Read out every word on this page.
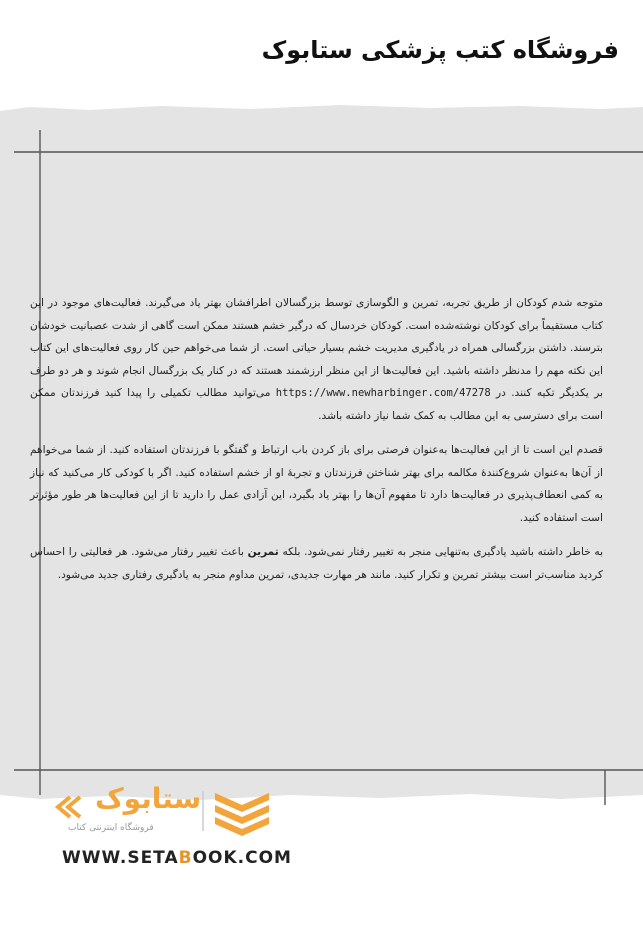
فروشگاه کتب پزشکی ستابوک

متوجه شدم کودکان از طریق تجربه، تمرین و الگوسازی توسط بزرگسالان اطرافشان بهتر یاد می‌گیرند. فعالیت‌های موجود در این کتاب مستقیماً برای کودکان نوشته‌شده است. کودکان خردسال که درگیر خشم هستند ممکن است گاهی از شدت عصبانیت خودشان بترسند. داشتن بزرگسالی همراه در یادگیری مدیریت خشم بسیار حیاتی است. از شما می‌خواهم حین کار روی فعالیت‌های این کتاب این نکته مهم را مدنظر داشته باشید. این فعالیت‌ها از این منظر ارزشمند هستند که در کنار یک بزرگسال انجام شوند و هر دو طرف بر یکدیگر تکیه کنند. در https://www.newharbinger.com/47278 می‌توانید مطالب تکمیلی را پیدا کنید فرزندتان ممکن است برای دسترسی به این مطالب به کمک شما نیاز داشته باشد.

قصدم این است تا از این فعالیت‌ها به‌عنوان فرصتی برای باز کردن باب ارتباط و گفتگو با فرزندتان استفاده کنید. از شما می‌خواهم از آن‌ها به‌عنوان شروع‌کنندهٔ مکالمه برای بهتر شناختن فرزندتان و تجربهٔ او از خشم استفاده کنید. اگر با کودکی کار می‌کنید که نیاز به کمی انعطاف‌پذیری در فعالیت‌ها دارد تا مفهوم آن‌ها را بهتر یاد بگیرد، این آزادی عمل را دارید تا از این فعالیت‌ها هر طور مؤثرتر است استفاده کنید.

به خاطر داشته باشید یادگیری به‌تنهایی منجر به تغییر رفتار نمی‌شود. بلکه تمرین باعث تغییر رفتار می‌شود. هر فعالیتی را احساس کردید مناسب‌تر است بیشتر تمرین و تکرار کنید. مانند هر مهارت جدیدی، تمرین مداوم منجر به یادگیری رفتاری جدید می‌شود.

ستابوک
فروشگاه اینترنتی کتاب
WWW.SETABOOK.COM
